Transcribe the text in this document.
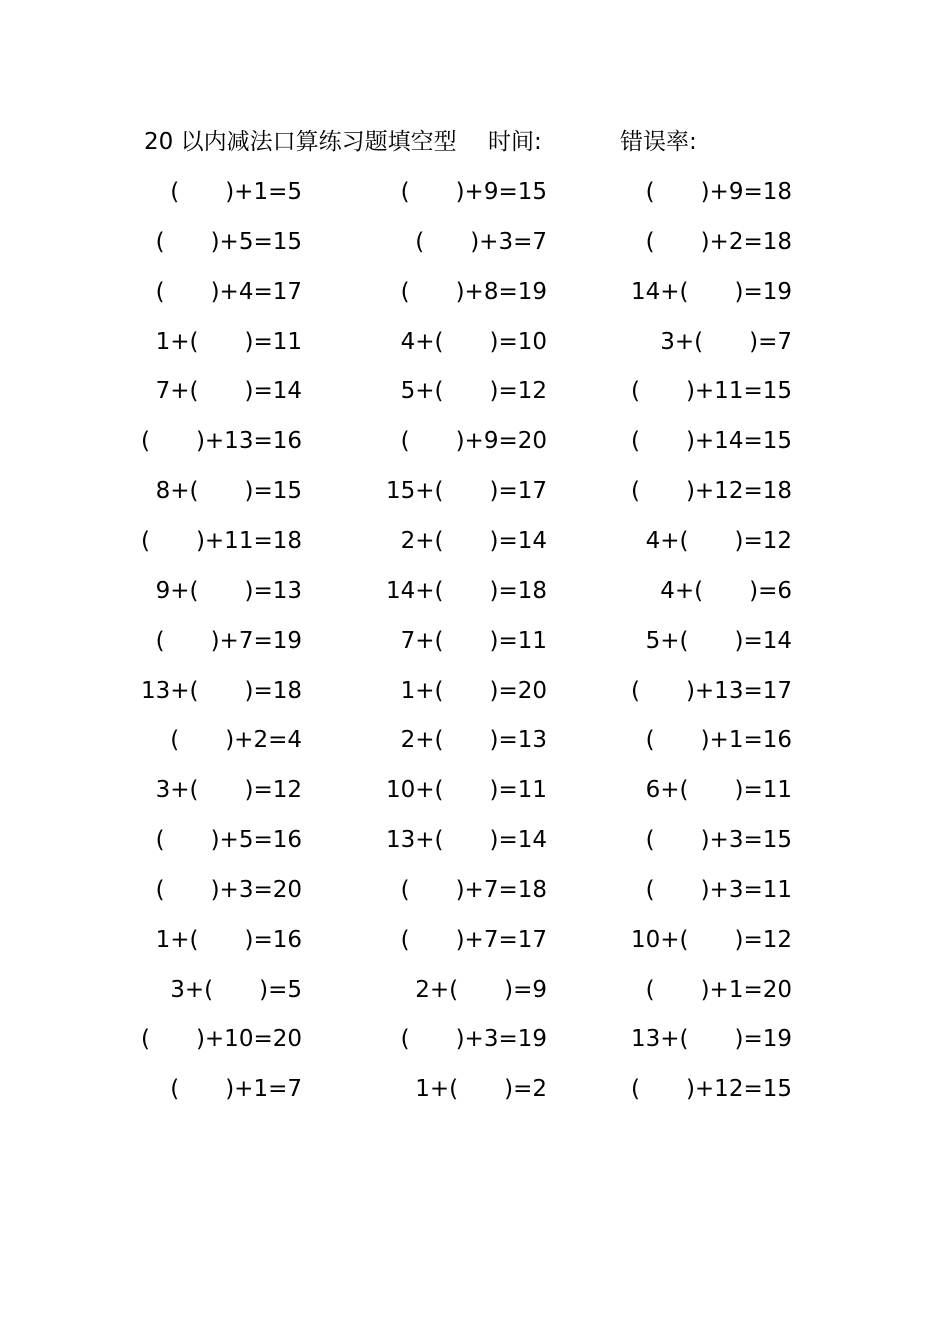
20 以内减法口算练习题填空型 时间:	错误率:
(　　)+1=5	(　　)+9=15	(　　)+9=18
(　　)+5=15	(　　)+3=7	(　　)+2=18
(　　)+4=17	(　　)+8=19	14+(　　)=19
1+(　　)=11	4+(　　)=10	3+(　　)=7
7+(　　)=14	5+(　　)=12	(　　)+11=15
(　　)+13=16	(　　)+9=20	(　　)+14=15
8+(　　)=15	15+(　　)=17	(　　)+12=18
(　　)+11=18	2+(　　)=14	4+(　　)=12
9+(　　)=13	14+(　　)=18	4+(　　)=6
(　　)+7=19	7+(　　)=11	5+(　　)=14
13+(　　)=18	1+(　　)=20	(　　)+13=17
(　　)+2=4	2+(　　)=13	(　　)+1=16
3+(　　)=12	10+(　　)=11	6+(　　)=11
(　　)+5=16	13+(　　)=14	(　　)+3=15
(　　)+3=20	(　　)+7=18	(　　)+3=11
1+(　　)=16	(　　)+7=17	10+(　　)=12
3+(　　)=5	2+(　　)=9	(　　)+1=20
(　　)+10=20	(　　)+3=19	13+(　　)=19
(　　)+1=7	1+(　　)=2	(　　)+12=15
